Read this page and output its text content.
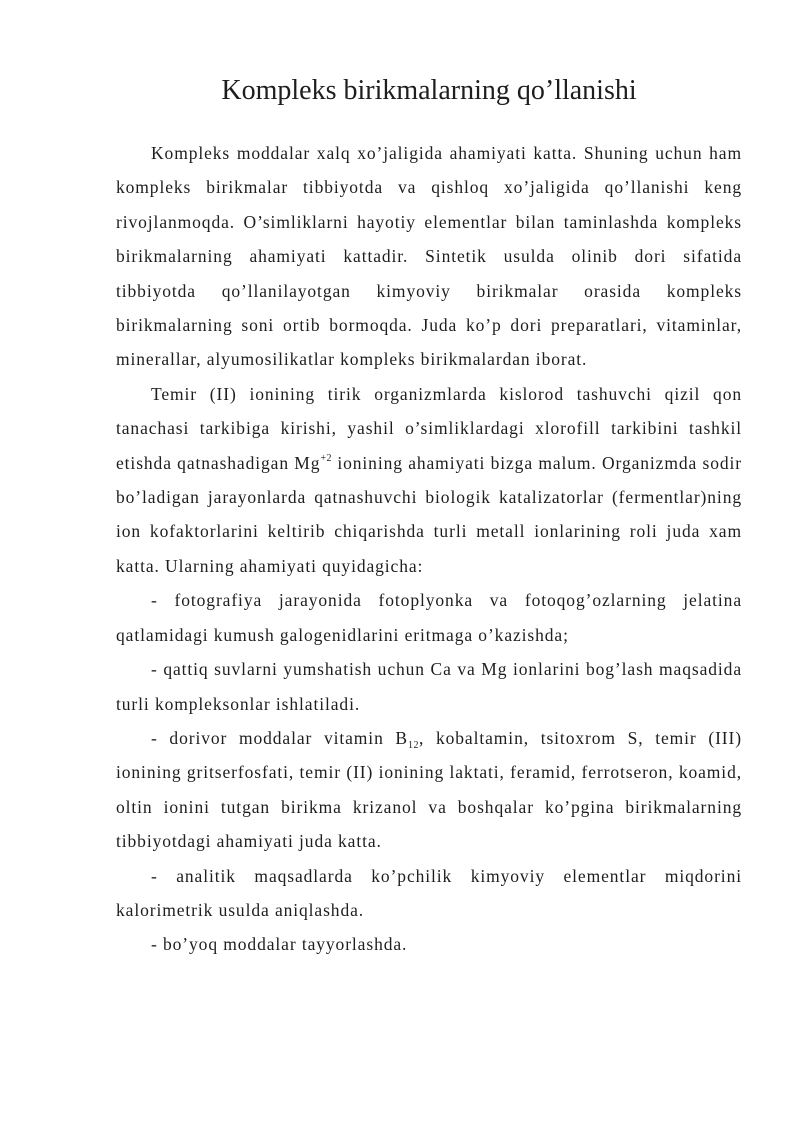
Kompleks birikmalarning qo’llanishi

Kompleks moddalar xalq xo’jaligida ahamiyati katta. Shuning uchun ham kompleks birikmalar tibbiyotda va qishloq xo’jaligida qo’llanishi keng rivojlanmoqda. O’simliklarni hayotiy elementlar bilan taminlashda kompleks birikmalarning ahamiyati kattadir. Sintetik usulda olinib dori sifatida tibbiyotda qo’llanilayotgan kimyoviy birikmalar orasida kompleks birikmalarning soni ortib bormoqda. Juda ko’p dori preparatlari, vitaminlar, minerallar, alyumosilikatlar kompleks birikmalardan iborat.

Temir (II) ionining tirik organizmlarda kislorod tashuvchi qizil qon tanachasi tarkibiga kirishi, yashil o’simliklardagi xlorofill tarkibini tashkil etishda qatnashadigan $Mg^{+2}$ ionining ahamiyati bizga malum. Organizmda sodir bo’ladigan jarayonlarda qatnashuvchi biologik katalizatorlar (fermentlar)ning ion kofaktorlarini keltirib chiqarishda turli metall ionlarining roli juda xam katta. Ularning ahamiyati quyidagicha:

- fotografiya jarayonida fotoplyonka va fotoqog’ozlarning jelatina qatlamidagi kumush galogenidlarini eritmaga o’kazishda;

- qattiq suvlarni yumshatish uchun Ca va Mg ionlarini bog’lash maqsadida turli kompleksonlar ishlatiladi.

- dorivor moddalar vitamin $B_{12}$, kobaltamin, tsitoxrom S, temir (III) ionining gritserfosfati, temir (II) ionining laktati, feramid, ferrotseron, koamid, oltin ionini tutgan birikma krizanol va boshqalar ko’pgina birikmalarning tibbiyotdagi ahamiyati juda katta.

- analitik maqsadlarda ko’pchilik kimyoviy elementlar miqdorini kalorimetrik usulda aniqlashda.

- bo’yoq moddalar tayyorlashda.
